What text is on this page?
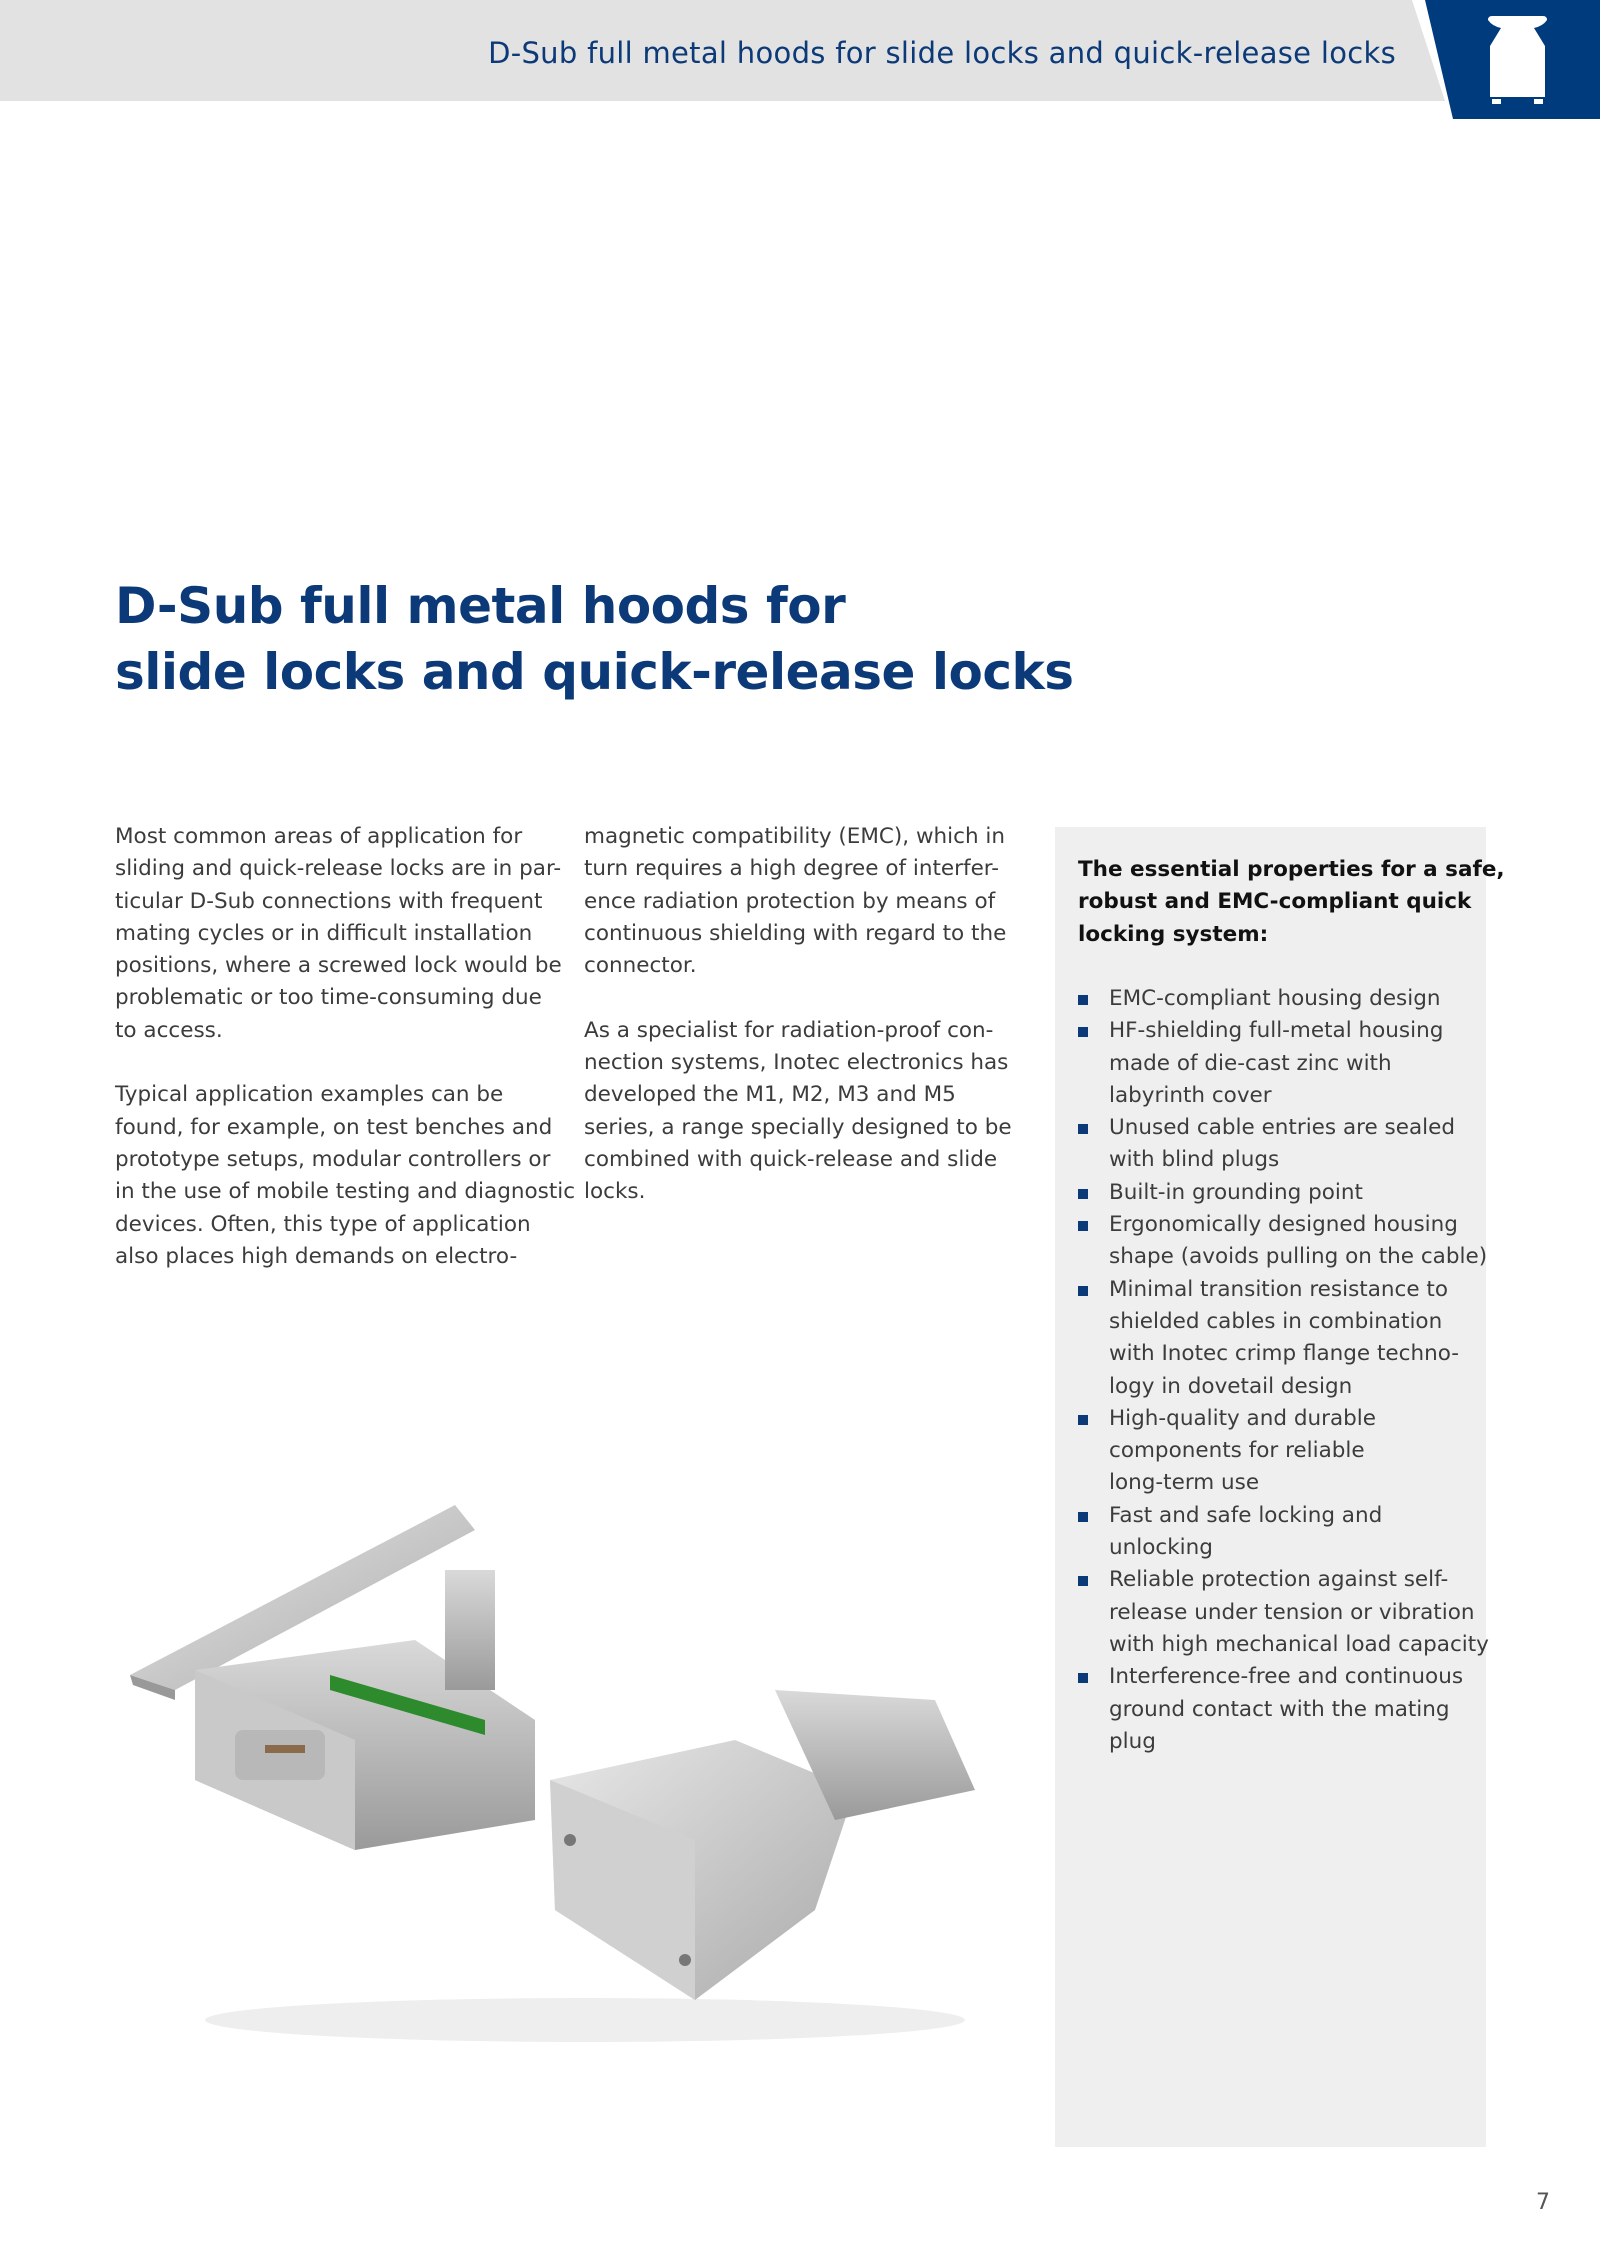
D-Sub full metal hoods for slide locks and quick-release locks
D-Sub full metal hoods for
slide locks and quick-release locks
Most common areas of application for
sliding and quick-release locks are in par-
ticular D-Sub connections with frequent
mating cycles or in difficult installation
positions, where a screwed lock would be
problematic or too time-consuming due
to access.
Typical application examples can be
found, for example, on test benches and
prototype setups, modular controllers or
in the use of mobile testing and diagnostic
devices. Often, this type of application
also places high demands on electro-
magnetic compatibility (EMC), which in
turn requires a high degree of interfer-
ence radiation protection by means of
continuous shielding with regard to the
connector.
As a specialist for radiation-proof con-
nection systems, Inotec electronics has
developed the M1, M2, M3 and M5
series, a range specially designed to be
combined with quick-release and slide
locks.
The essential properties for a safe,
robust and EMC-compliant quick
locking system:
EMC-compliant housing design
HF-shielding full-metal housing
made of die-cast zinc with
labyrinth cover
Unused cable entries are sealed
with blind plugs
Built-in grounding point
Ergonomically designed housing
shape (avoids pulling on the cable)
Minimal transition resistance to
shielded cables in combination
with Inotec crimp flange techno-
logy in dovetail design
High-quality and durable
components for reliable
long-term use
Fast and safe locking and
unlocking
Reliable protection against self-
release under tension or vibration
with high mechanical load capacity
Interference-free and continuous
ground contact with the mating
plug
7
